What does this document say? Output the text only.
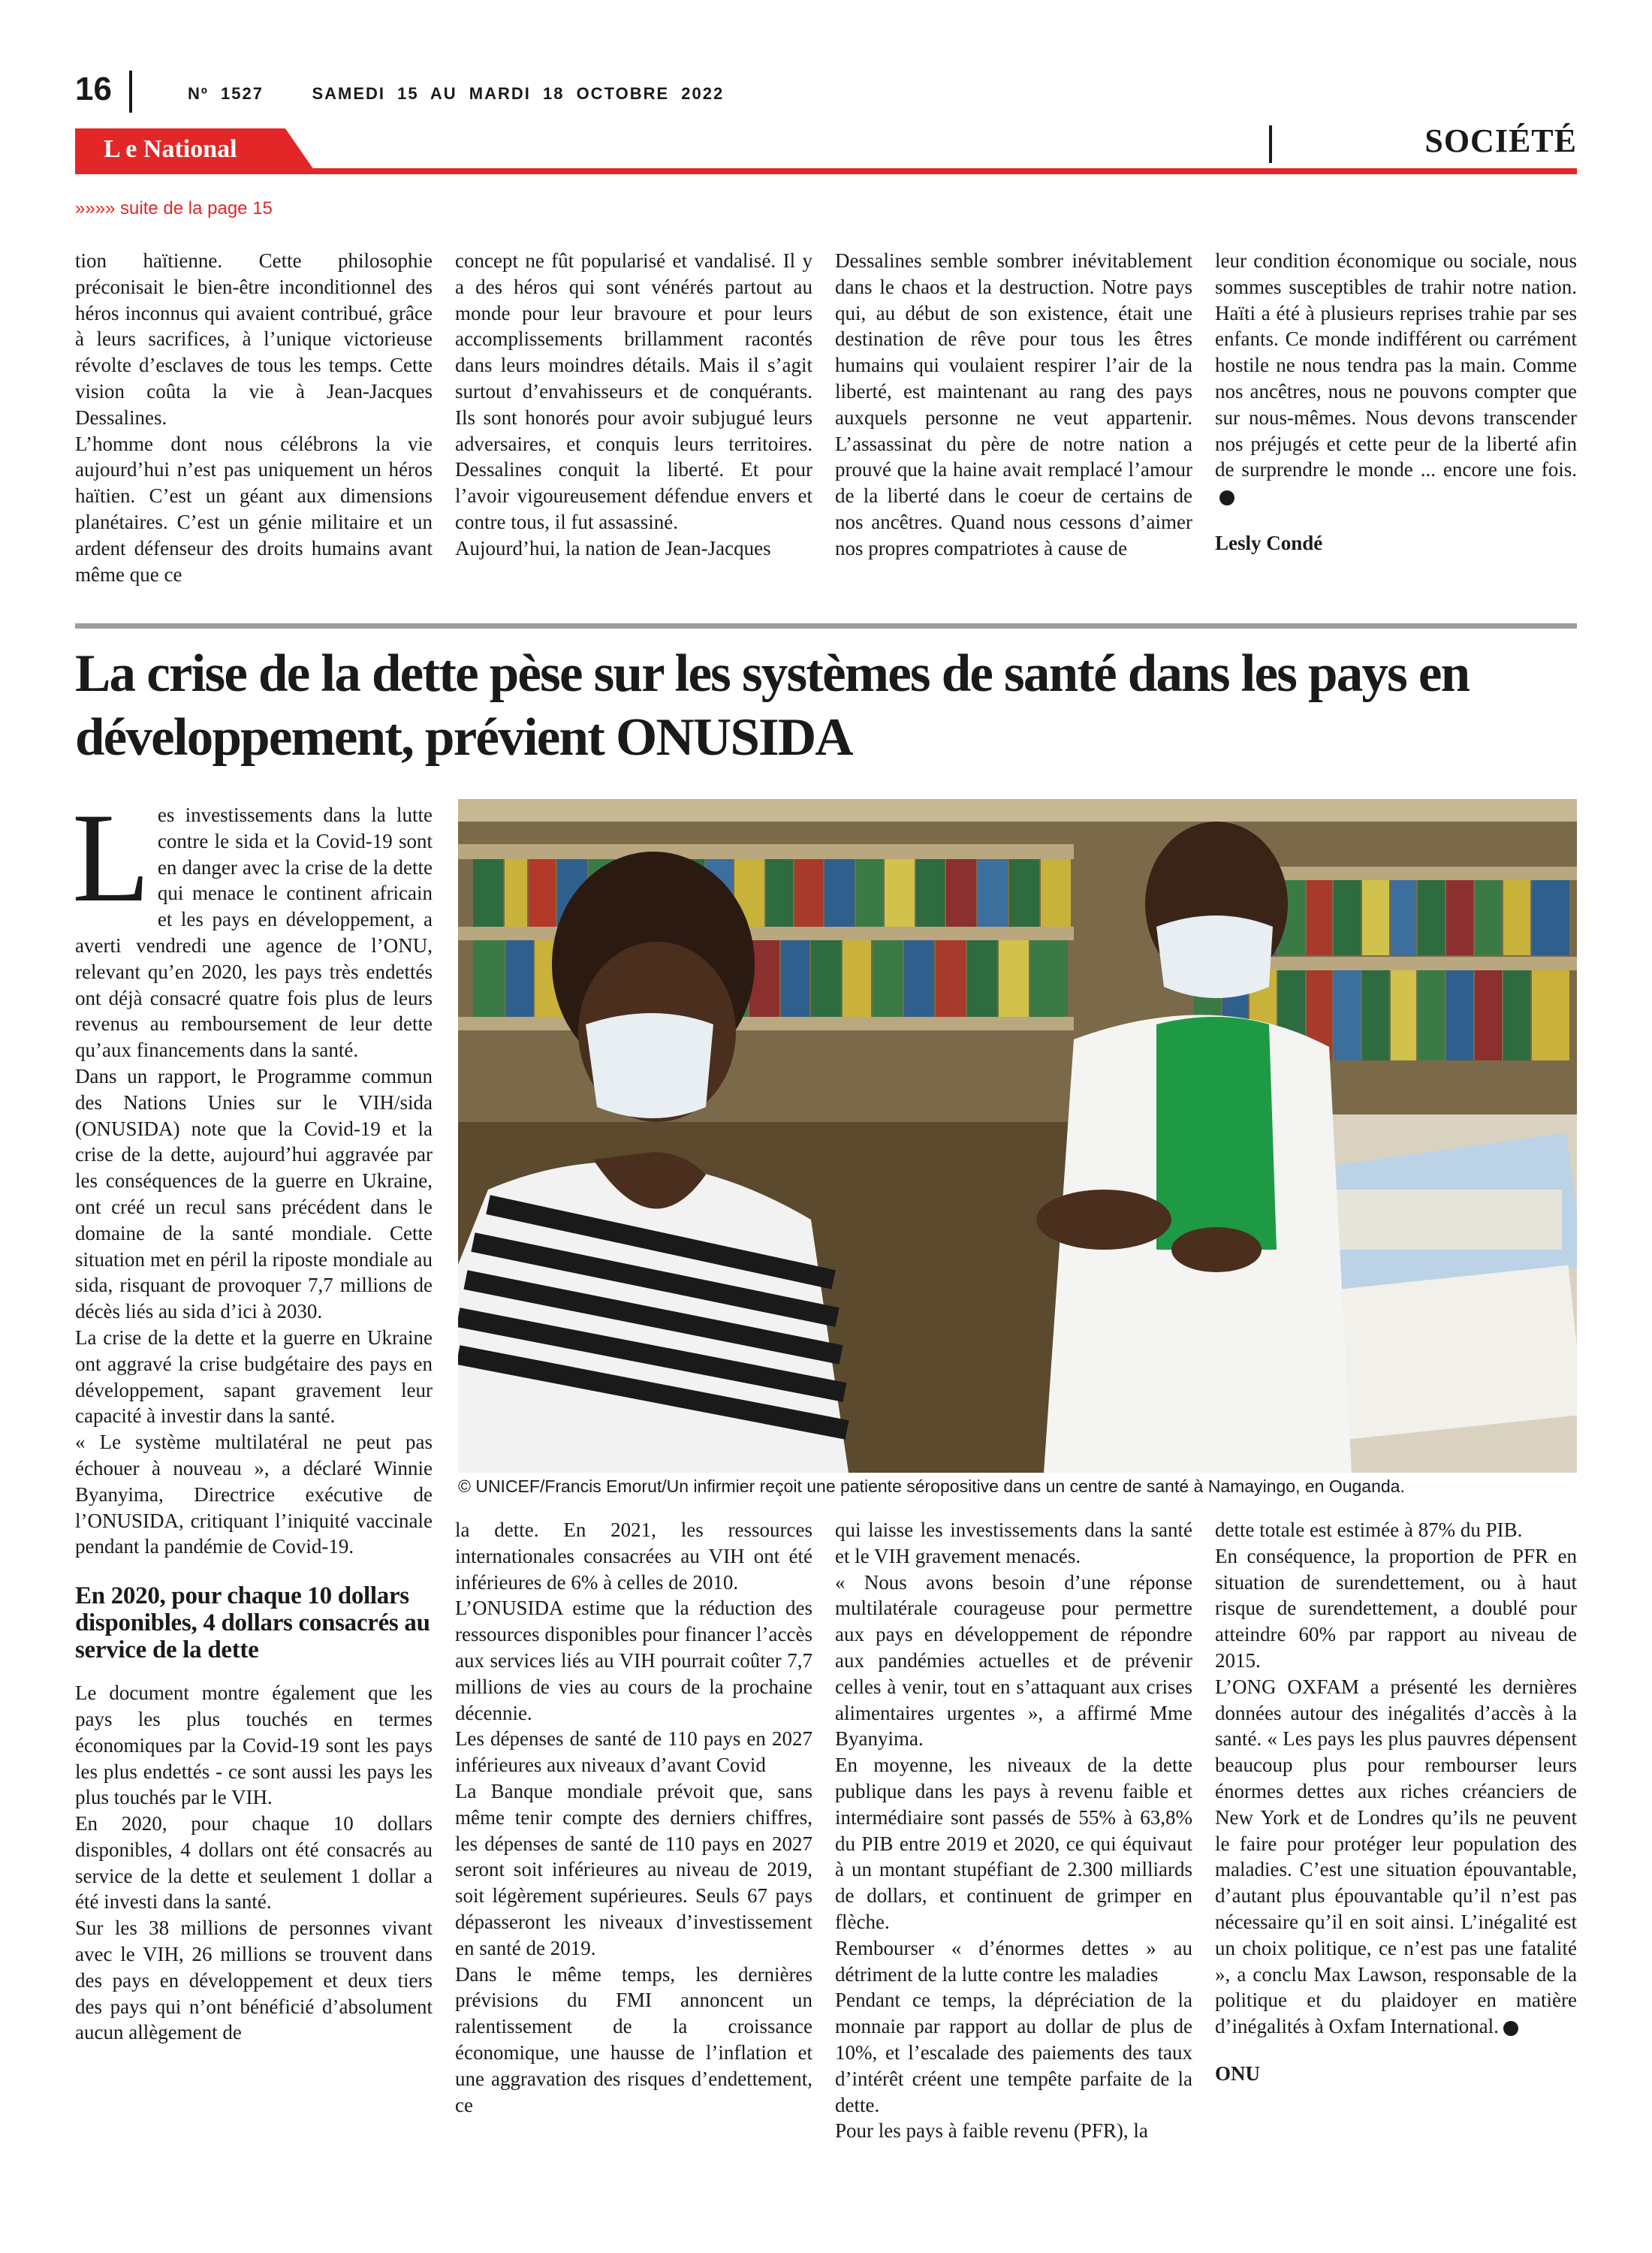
16	Nº 1527	SAMEDI 15 AU MARDI 18 OCTOBRE 2022
L e National	SOCIÉTÉ
»»»» suite de la page 15

tion haïtienne. Cette philosophie préconisait le bien-être inconditionnel des héros inconnus qui avaient contribué, grâce à leurs sacrifices, à l’unique victorieuse révolte d’esclaves de tous les temps. Cette vision coûta la vie à Jean-Jacques Dessalines.

L’homme dont nous célébrons la vie aujourd’hui n’est pas uniquement un héros haïtien. C’est un géant aux dimensions planétaires. C’est un génie militaire et un ardent défenseur des droits humains avant même que ce

concept ne fût popularisé et vandalisé. Il y a des héros qui sont vénérés partout au monde pour leur bravoure et pour leurs accomplissements brillamment racontés dans leurs moindres détails. Mais il s’agit surtout d’envahisseurs et de conquérants. Ils sont honorés pour avoir subjugué leurs adversaires, et conquis leurs territoires. Dessalines conquit la liberté. Et pour l’avoir vigoureusement défendue envers et contre tous, il fut assassiné.

Aujourd’hui, la nation de Jean-Jacques

Dessalines semble sombrer inévitablement dans le chaos et la destruction. Notre pays qui, au début de son existence, était une destination de rêve pour tous les êtres humains qui voulaient respirer l’air de la liberté, est maintenant au rang des pays auxquels personne ne veut appartenir. L’assassinat du père de notre nation a prouvé que la haine avait remplacé l’amour de la liberté dans le coeur de certains de nos ancêtres. Quand nous cessons d’aimer nos propres compatriotes à cause de

leur condition économique ou sociale, nous sommes susceptibles de trahir notre nation. Haïti a été à plusieurs reprises trahie par ses enfants. Ce monde indifférent ou carrément hostile ne nous tendra pas la main. Comme nos ancêtres, nous ne pouvons compter que sur nous-mêmes. Nous devons transcender nos préjugés et cette peur de la liberté afin de surprendre le monde ... encore une fois.

Lesly Condé

La crise de la dette pèse sur les systèmes de santé dans les pays en développement, prévient ONUSIDA
© UNICEF/Francis Emorut/Un infirmier reçoit une patiente séropositive dans un centre de santé à Namayingo, en Ouganda.

Les investissements dans la lutte contre le sida et la Covid-19 sont en danger avec la crise de la dette qui menace le continent africain et les pays en développement, a averti vendredi une agence de l’ONU, relevant qu’en 2020, les pays très endettés ont déjà consacré quatre fois plus de leurs revenus au remboursement de leur dette qu’aux financements dans la santé.

Dans un rapport, le Programme commun des Nations Unies sur le VIH/sida (ONUSIDA) note que la Covid-19 et la crise de la dette, aujourd’hui aggravée par les conséquences de la guerre en Ukraine, ont créé un recul sans précédent dans le domaine de la santé mondiale. Cette situation met en péril la riposte mondiale au sida, risquant de provoquer 7,7 millions de décès liés au sida d’ici à 2030.

La crise de la dette et la guerre en Ukraine ont aggravé la crise budgétaire des pays en développement, sapant gravement leur capacité à investir dans la santé.

« Le système multilatéral ne peut pas échouer à nouveau », a déclaré Winnie Byanyima, Directrice exécutive de l’ONUSIDA, critiquant l’iniquité vaccinale pendant la pandémie de Covid-19.

En 2020, pour chaque 10 dollars disponibles, 4 dollars consacrés au service de la dette

Le document montre également que les pays les plus touchés en termes économiques par la Covid-19 sont les pays les plus endettés - ce sont aussi les pays les plus touchés par le VIH.

En 2020, pour chaque 10 dollars disponibles, 4 dollars ont été consacrés au service de la dette et seulement 1 dollar a été investi dans la santé.

Sur les 38 millions de personnes vivant avec le VIH, 26 millions se trouvent dans des pays en développement et deux tiers des pays qui n’ont bénéficié d’absolument aucun allègement de

la dette. En 2021, les ressources internationales consacrées au VIH ont été inférieures de 6% à celles de 2010.

L’ONUSIDA estime que la réduction des ressources disponibles pour financer l’accès aux services liés au VIH pourrait coûter 7,7 millions de vies au cours de la prochaine décennie.

Les dépenses de santé de 110 pays en 2027 inférieures aux niveaux d’avant Covid

La Banque mondiale prévoit que, sans même tenir compte des derniers chiffres, les dépenses de santé de 110 pays en 2027 seront soit inférieures au niveau de 2019, soit légèrement supérieures. Seuls 67 pays dépasseront les niveaux d’investissement en santé de 2019.

Dans le même temps, les dernières prévisions du FMI annoncent un ralentissement de la croissance économique, une hausse de l’inflation et une aggravation des risques d’endettement, ce

qui laisse les investissements dans la santé et le VIH gravement menacés.

« Nous avons besoin d’une réponse multilatérale courageuse pour permettre aux pays en développement de répondre aux pandémies actuelles et de prévenir celles à venir, tout en s’attaquant aux crises alimentaires urgentes », a affirmé Mme Byanyima.

En moyenne, les niveaux de la dette publique dans les pays à revenu faible et intermédiaire sont passés de 55% à 63,8% du PIB entre 2019 et 2020, ce qui équivaut à un montant stupéfiant de 2.300 milliards de dollars, et continuent de grimper en flèche.

Rembourser « d’énormes dettes » au détriment de la lutte contre les maladies

Pendant ce temps, la dépréciation de la monnaie par rapport au dollar de plus de 10%, et l’escalade des paiements des taux d’intérêt créent une tempête parfaite de la dette.

Pour les pays à faible revenu (PFR), la

dette totale est estimée à 87% du PIB.

En conséquence, la proportion de PFR en situation de surendettement, ou à haut risque de surendettement, a doublé pour atteindre 60% par rapport au niveau de 2015.

L’ONG OXFAM a présenté les dernières données autour des inégalités d’accès à la santé. « Les pays les plus pauvres dépensent beaucoup plus pour rembourser leurs énormes dettes aux riches créanciers de New York et de Londres qu’ils ne peuvent le faire pour protéger leur population des maladies. C’est une situation épouvantable, d’autant plus épouvantable qu’il n’est pas nécessaire qu’il en soit ainsi. L’inégalité est un choix politique, ce n’est pas une fatalité », a conclu Max Lawson, responsable de la politique et du plaidoyer en matière d’inégalités à Oxfam International.

ONU
